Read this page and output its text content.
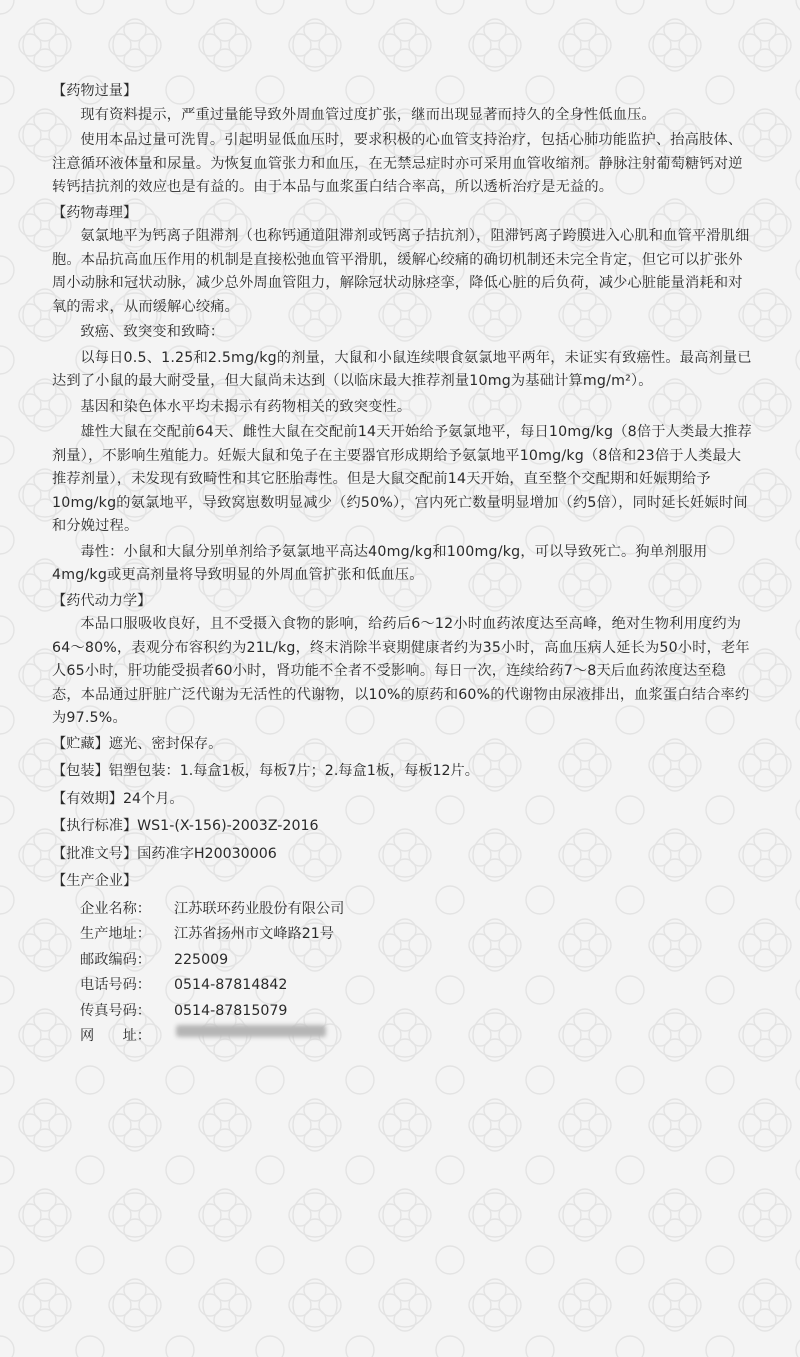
【药物过量】

现有资料提示，严重过量能导致外周血管过度扩张，继而出现显著而持久的全身性低血压。

使用本品过量可洗胃。引起明显低血压时，要求积极的心血管支持治疗，包括心肺功能监护、抬高肢体、注意循环液体量和尿量。为恢复血管张力和血压，在无禁忌症时亦可采用血管收缩剂。静脉注射葡萄糖钙对逆转钙拮抗剂的效应也是有益的。由于本品与血浆蛋白结合率高，所以透析治疗是无益的。

【药物毒理】

氨氯地平为钙离子阻滞剂（也称钙通道阻滞剂或钙离子拮抗剂），阻滞钙离子跨膜进入心肌和血管平滑肌细胞。本品抗高血压作用的机制是直接松弛血管平滑肌，缓解心绞痛的确切机制还未完全肯定，但它可以扩张外周小动脉和冠状动脉，减少总外周血管阻力，解除冠状动脉痉挛，降低心脏的后负荷，减少心脏能量消耗和对氧的需求，从而缓解心绞痛。

致癌、致突变和致畸：

以每日0.5、1.25和2.5mg/kg的剂量，大鼠和小鼠连续喂食氨氯地平两年，未证实有致癌性。最高剂量已达到了小鼠的最大耐受量，但大鼠尚未达到（以临床最大推荐剂量10mg为基础计算mg/m²）。

基因和染色体水平均未揭示有药物相关的致突变性。

雄性大鼠在交配前64天、雌性大鼠在交配前14天开始给予氨氯地平，每日10mg/kg（8倍于人类最大推荐剂量），不影响生殖能力。妊娠大鼠和兔子在主要器官形成期给予氨氯地平10mg/kg（8倍和23倍于人类最大推荐剂量），未发现有致畸性和其它胚胎毒性。但是大鼠交配前14天开始，直至整个交配期和妊娠期给予10mg/kg的氨氯地平，导致窝崽数明显减少（约50%），宫内死亡数量明显增加（约5倍），同时延长妊娠时间和分娩过程。

毒性：小鼠和大鼠分别单剂给予氨氯地平高达40mg/kg和100mg/kg，可以导致死亡。狗单剂服用4mg/kg或更高剂量将导致明显的外周血管扩张和低血压。

【药代动力学】

本品口服吸收良好，且不受摄入食物的影响，给药后6～12小时血药浓度达至高峰，绝对生物利用度约为64～80%，表观分布容积约为21L/kg，终末消除半衰期健康者约为35小时，高血压病人延长为50小时，老年人65小时，肝功能受损者60小时，肾功能不全者不受影响。每日一次，连续给药7～8天后血药浓度达至稳态，本品通过肝脏广泛代谢为无活性的代谢物，以10%的原药和60%的代谢物由尿液排出，血浆蛋白结合率约为97.5%。

【贮藏】遮光、密封保存。
【包装】铝塑包装：1.每盒1板，每板7片；2.每盒1板，每板12片。
【有效期】24个月。
【执行标准】WS1-(X-156)-2003Z-2016
【批准文号】国药准字H20030006
【生产企业】
企业名称：	江苏联环药业股份有限公司
生产地址：	江苏省扬州市文峰路21号
邮政编码：	225009
电话号码：	0514-87814842
传真号码：	0514-87815079
网　　址：
